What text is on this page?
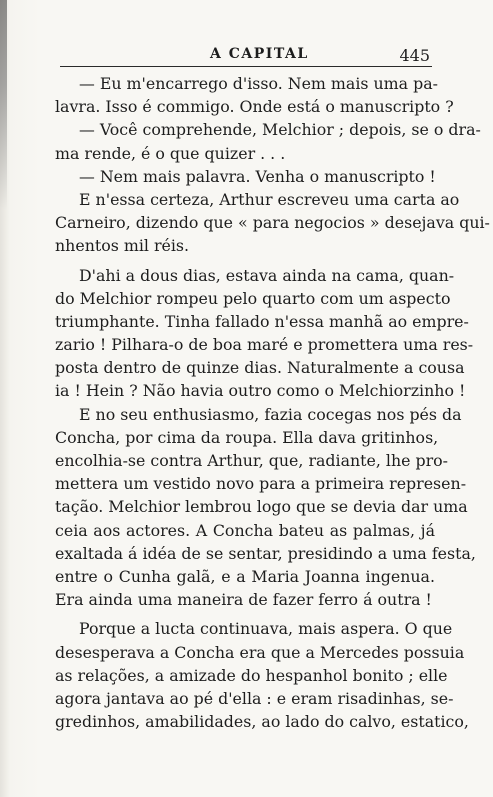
A CAPITAL	445
— Eu m'encarrego d'isso. Nem mais uma pa-
lavra. Isso é commigo. Onde está o manuscripto ?
— Você comprehende, Melchior ; depois, se o dra-
ma rende, é o que quizer . . .
— Nem mais palavra. Venha o manuscripto !
E n'essa certeza, Arthur escreveu uma carta ao
Carneiro, dizendo que « para negocios » desejava qui-
nhentos mil réis.
D'ahi a dous dias, estava ainda na cama, quan-
do Melchior rompeu pelo quarto com um aspecto
triumphante. Tinha fallado n'essa manhã ao empre-
zario ! Pilhara-o de boa maré e promettera uma res-
posta dentro de quinze dias. Naturalmente a cousa
ia ! Hein ? Não havia outro como o Melchiorzinho !
E no seu enthusiasmo, fazia cocegas nos pés da
Concha, por cima da roupa. Ella dava gritinhos,
encolhia-se contra Arthur, que, radiante, lhe pro-
mettera um vestido novo para a primeira represen-
tação. Melchior lembrou logo que se devia dar uma
ceia aos actores. A Concha bateu as palmas, já
exaltada á idéa de se sentar, presidindo a uma festa,
entre o Cunha galã, e a Maria Joanna ingenua.
Era ainda uma maneira de fazer ferro á outra !
Porque a lucta continuava, mais aspera. O que
desesperava a Concha era que a Mercedes possuia
as relações, a amizade do hespanhol bonito ; elle
agora jantava ao pé d'ella : e eram risadinhas, se-
gredinhos, amabilidades, ao lado do calvo, estatico,
